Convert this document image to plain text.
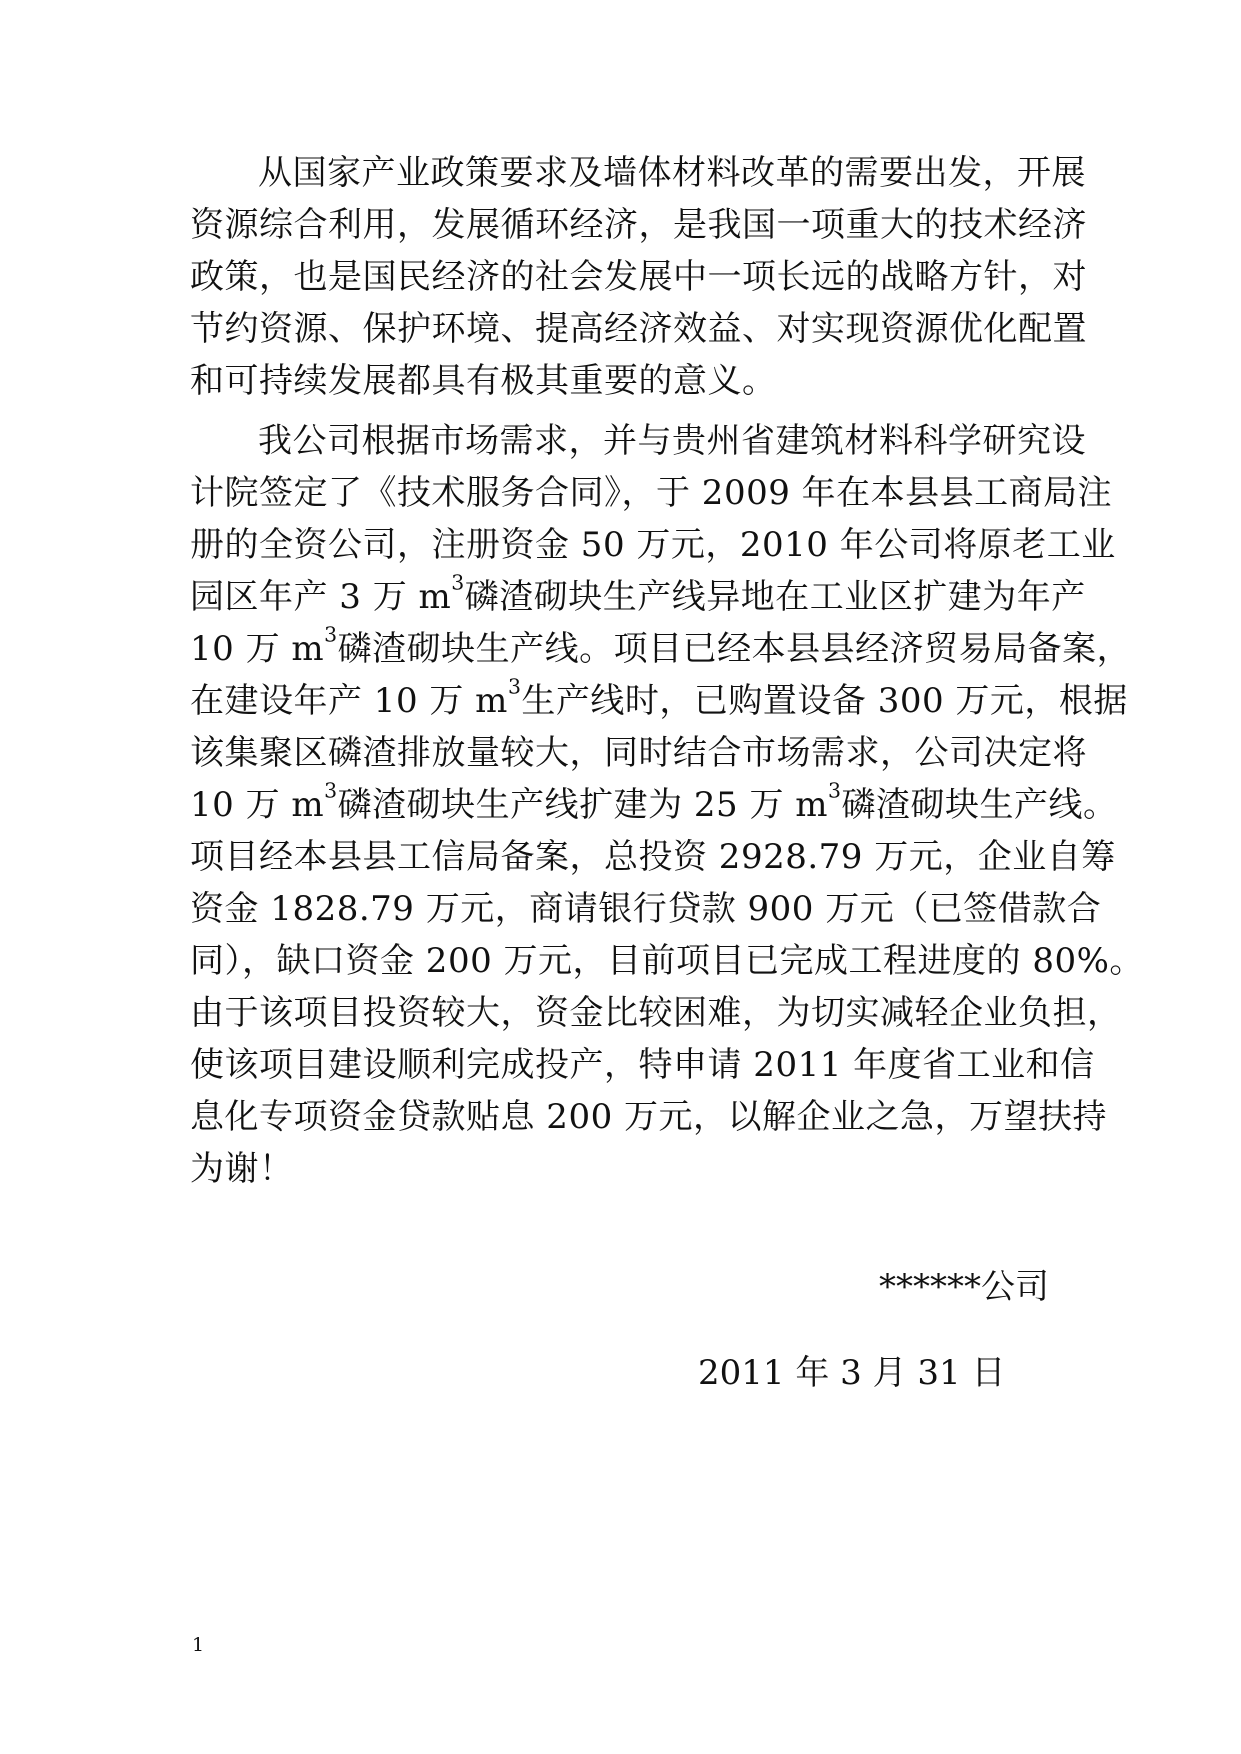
从国家产业政策要求及墙体材料改革的需要出发，开展
资源综合利用，发展循环经济，是我国一项重大的技术经济
政策，也是国民经济的社会发展中一项长远的战略方针，对
节约资源、保护环境、提高经济效益、对实现资源优化配置
和可持续发展都具有极其重要的意义。
我公司根据市场需求，并与贵州省建筑材料科学研究设
计院签定了《技术服务合同》，于 2009 年在本县县工商局注
册的全资公司，注册资金 50 万元，2010 年公司将原老工业
园区年产 3 万 $m^3$磷渣砌块生产线异地在工业区扩建为年产
10 万 $m^3$磷渣砌块生产线。项目已经本县县经济贸易局备案，
在建设年产 10 万 $m^3$生产线时，已购置设备 300 万元，根据
该集聚区磷渣排放量较大，同时结合市场需求，公司决定将
10 万 $m^3$磷渣砌块生产线扩建为 25 万 $m^3$磷渣砌块生产线。
项目经本县县工信局备案，总投资 2928.79 万元，企业自筹
资金 1828.79 万元，商请银行贷款 900 万元（已签借款合
同），缺口资金 200 万元，目前项目已完成工程进度的 80%。
由于该项目投资较大，资金比较困难，为切实减轻企业负担，
使该项目建设顺利完成投产，特申请 2011 年度省工业和信
息化专项资金贷款贴息 200 万元，以解企业之急，万望扶持
为谢！
******公司
2011 年 3 月 31 日
1
